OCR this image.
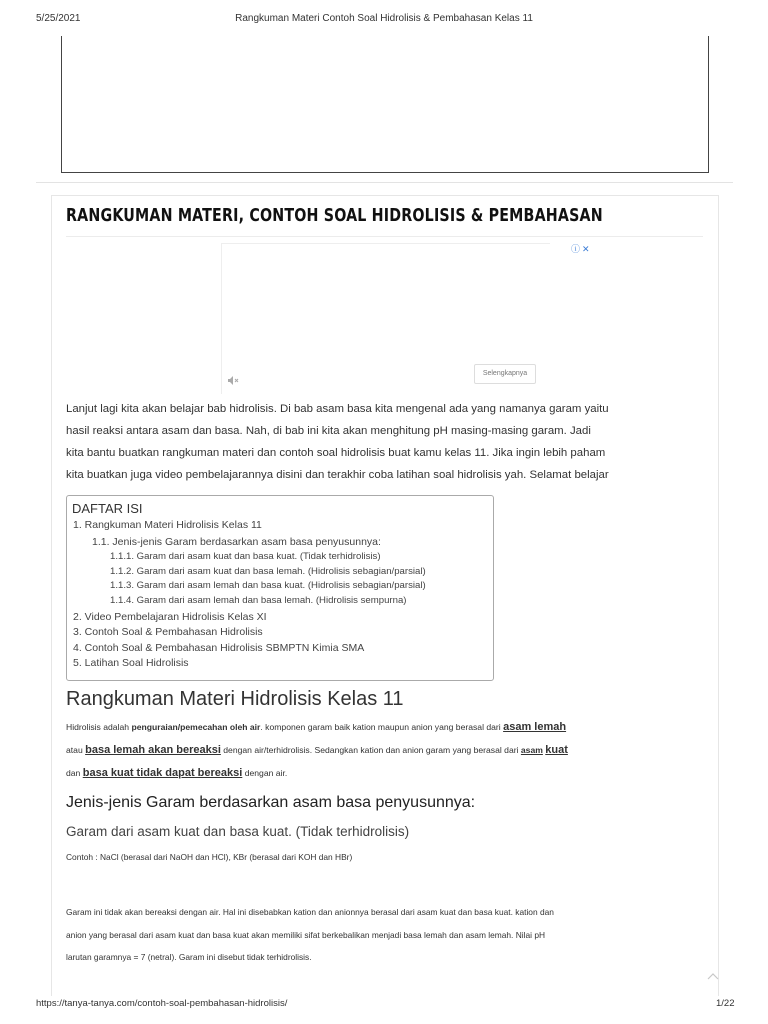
5/25/2021	Rangkuman Materi Contoh Soal Hidrolisis & Pembahasan Kelas 11
RANGKUMAN MATERI, CONTOH SOAL HIDROLISIS & PEMBAHASAN
ⓘ✕
Selengkapnya
Lanjut lagi kita akan belajar bab hidrolisis. Di bab asam basa kita mengenal ada yang namanya garam yaitu
hasil reaksi antara asam dan basa. Nah, di bab ini kita akan menghitung pH masing-masing garam. Jadi
kita bantu buatkan rangkuman materi dan contoh soal hidrolisis buat kamu kelas 11. Jika ingin lebih paham
kita buatkan juga video pembelajarannya disini dan terakhir coba latihan soal hidrolisis yah. Selamat belajar
DAFTAR ISI
1. Rangkuman Materi Hidrolisis Kelas 11
1.1. Jenis-jenis Garam berdasarkan asam basa penyusunnya:
1.1.1. Garam dari asam kuat dan basa kuat. (Tidak terhidrolisis)
1.1.2. Garam dari asam kuat dan basa lemah. (Hidrolisis sebagian/parsial)
1.1.3. Garam dari asam lemah dan basa kuat. (Hidrolisis sebagian/parsial)
1.1.4. Garam dari asam lemah dan basa lemah. (Hidrolisis sempurna)
2. Video Pembelajaran Hidrolisis Kelas XI
3. Contoh Soal & Pembahasan Hidrolisis
4. Contoh Soal & Pembahasan Hidrolisis SBMPTN Kimia SMA
5. Latihan Soal Hidrolisis
Rangkuman Materi Hidrolisis Kelas 11
Hidrolisis adalah penguraian/pemecahan oleh air. komponen garam baik kation maupun anion yang berasal dari asam lemah
atau basa lemah akan bereaksi dengan air/terhidrolisis. Sedangkan kation dan anion garam yang berasal dari asam kuat
dan basa kuat tidak dapat bereaksi dengan air.
Jenis-jenis Garam berdasarkan asam basa penyusunnya:
Garam dari asam kuat dan basa kuat. (Tidak terhidrolisis)
Contoh : NaCl (berasal dari NaOH dan HCl), KBr (berasal dari KOH dan HBr)
Garam ini tidak akan bereaksi dengan air. Hal ini disebabkan kation dan anionnya berasal dari asam kuat dan basa kuat. kation dan
anion yang berasal dari asam kuat dan basa kuat akan memiliki sifat berkebalikan menjadi basa lemah dan asam lemah. Nilai pH
larutan garamnya = 7 (netral). Garam ini disebut tidak terhidrolisis.
https://tanya-tanya.com/contoh-soal-pembahasan-hidrolisis/	1/22
